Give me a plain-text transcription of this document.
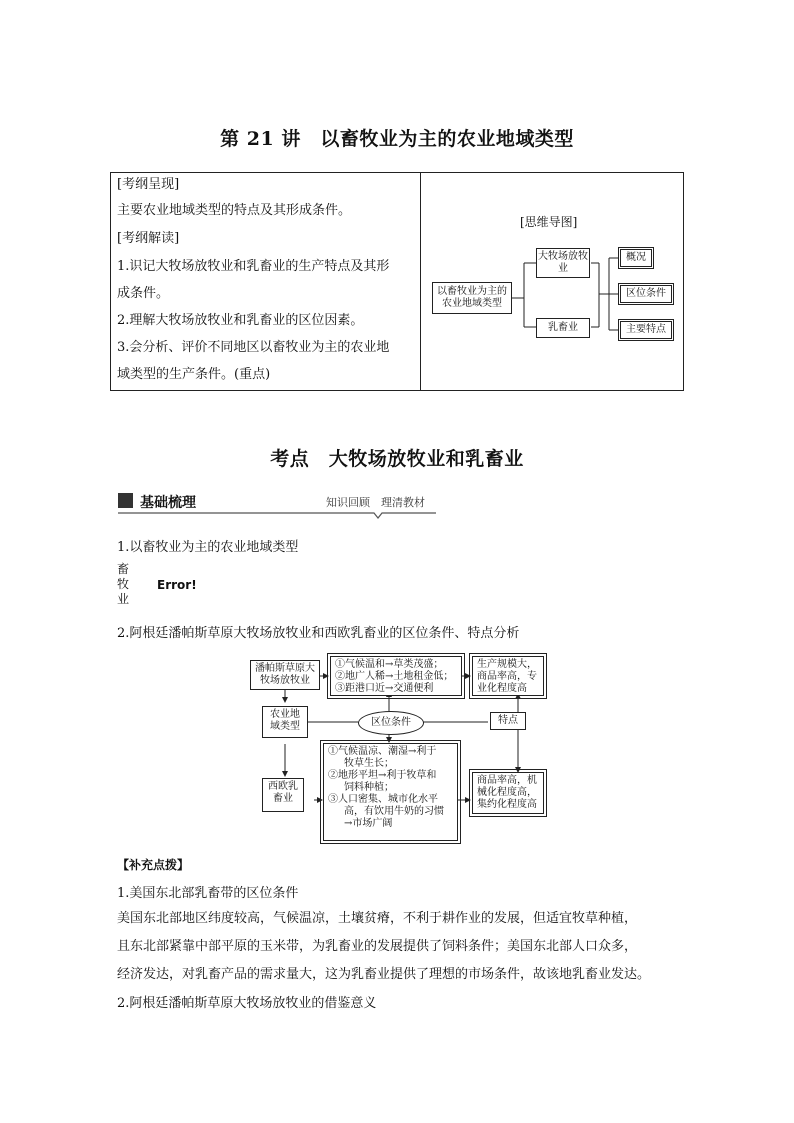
第 21 讲　以畜牧业为主的农业地域类型
[考纲呈现]
主要农业地域类型的特点及其形成条件。
[考纲解读]
1.识记大牧场放牧业和乳畜业的生产特点及其形
成条件。
2.理解大牧场放牧业和乳畜业的区位因素。
3.会分析、评价不同地区以畜牧业为主的农业地
域类型的生产条件。(重点)
[思维导图]
以畜牧业为主的农业地域类型
大牧场放牧业
乳畜业
概况
区位条件
主要特点
考点　大牧场放牧业和乳畜业
基础梳理	知识回顾　理清教材
1.以畜牧业为主的农业地域类型
畜
牧
业
Error!
2.阿根廷潘帕斯草原大牧场放牧业和西欧乳畜业的区位条件、特点分析
潘帕斯草原大牧场放牧业
①气候温和→草类茂盛；
②地广人稀→土地租金低；
③距港口近→交通便利
生产规模大，商品率高，专业化程度高
农业地域类型	区位条件	特点
西欧乳畜业
①气候温凉、潮湿→利于
牧草生长；
②地形平坦→利于牧草和
饲料种植；
③人口密集、城市化水平
高，有饮用牛奶的习惯
→市场广阔
商品率高，机械化程度高，集约化程度高
【补充点拨】
1.美国东北部乳畜带的区位条件
美国东北部地区纬度较高，气候温凉，土壤贫瘠，不利于耕作业的发展，但适宜牧草种植，
且东北部紧靠中部平原的玉米带，为乳畜业的发展提供了饲料条件；美国东北部人口众多，
经济发达，对乳畜产品的需求量大，这为乳畜业提供了理想的市场条件，故该地乳畜业发达。
2.阿根廷潘帕斯草原大牧场放牧业的借鉴意义
